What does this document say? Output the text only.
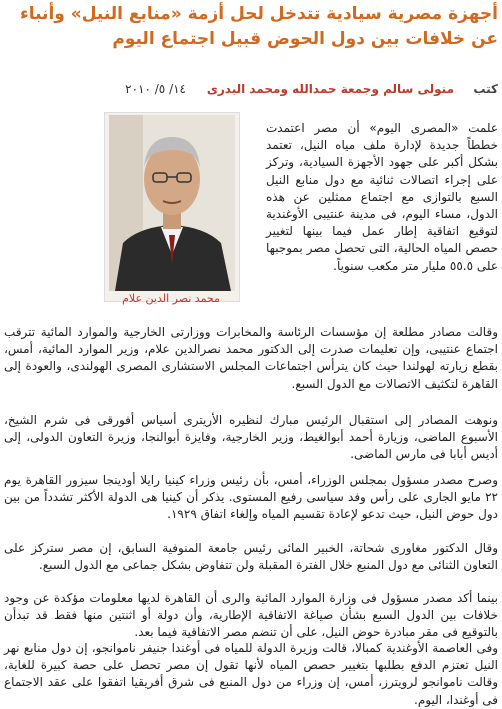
أجهزة مصرية سيادية تتدخل لحل أزمة «منابع النيل» وأنباء عن خلافات بين دول الحوض قبيل اجتماع اليوم
كتب
منولى سالم وجمعة حمدالله ومحمد البدرى
١٤/ ٥/ ٢٠١٠
محمد نصر الدين علام

علمت «المصرى اليوم» أن مصر اعتمدت خططاً جديدة لإدارة ملف مياه النيل، تعتمد بشكل أكبر على جهود الأجهزة السيادية، وتركز على إجراء اتصالات ثنائية مع دول منابع النيل السبع بالتوازى مع اجتماع ممثلين عن هذه الدول، مساء اليوم، فى مدينة عنتيبى الأوغندية لتوقيع اتفاقية إطار عمل فيما بينها لتغيير حصص المياه الحالية، التى تحصل مصر بموجبها على ٥٥.٥ مليار متر مكعب سنوياً.

وقالت مصادر مطلعة إن مؤسسات الرئاسة والمخابرات ووزارتى الخارجية والموارد المائية تترقب اجتماع عنتيبى، وإن تعليمات صدرت إلى الدكتور محمد نصرالدين علام، وزير الموارد المائية، أمس، بقطع زيارته لهولندا حيث كان يترأس اجتماعات المجلس الاستشارى المصرى الهولندى، والعودة إلى القاهرة لتكثيف الاتصالات مع الدول السبع.

ونوهت المصادر إلى استقبال الرئيس مبارك لنظيره الأريترى أسياس أفورقى فى شرم الشيخ، الأسبوع الماضى، وزيارة أحمد أبوالغيط، وزير الخارجية، وفايزة أبوالنجا، وزيرة التعاون الدولى، إلى أديس أبابا فى مارس الماضى.

وصرح مصدر مسؤول بمجلس الوزراء، أمس، بأن رئيس وزراء كينيا رايلا أودينجا سيزور القاهرة يوم ٢٢ مايو الجارى على رأس وفد سياسى رفيع المستوى. يذكر أن كينيا هى الدولة الأكثر تشدداً من بين دول حوض النيل، حيث تدعو لإعادة تقسيم المياه وإلغاء اتفاق ١٩٢٩.

وقال الدكتور مغاورى شحاتة، الخبير المائى رئيس جامعة المنوفية السابق، إن مصر ستركز على التعاون الثنائى مع دول المنبع خلال الفترة المقبلة ولن تتفاوض بشكل جماعى مع الدول السبع.

بينما أكد مصدر مسؤول فى وزارة الموارد المائية والرى أن القاهرة لديها معلومات مؤكدة عن وجود خلافات بين الدول السبع بشأن صياغة الاتفاقية الإطارية، وأن دولة أو اثنتين منها فقط قد تبدأن بالتوقيع فى مقر مبادرة حوض النيل، على أن تنضم مصر الاتفاقية فيما بعد.

وفى العاصمة الأوغندية كمبالا، قالت وزيرة الدولة للمياه فى أوغندا جنيفر ناموانجو، إن دول منابع نهر النيل تعتزم الدفع بطلبها بتغيير حصص المياه لأنها تقول إن مصر تحصل على حصة كبيرة للغاية، وقالت ناموانجو لرويترز، أمس، إن وزراء من دول المنبع فى شرق أفريقيا اتفقوا على عقد الاجتماع فى أوغندا، اليوم.
